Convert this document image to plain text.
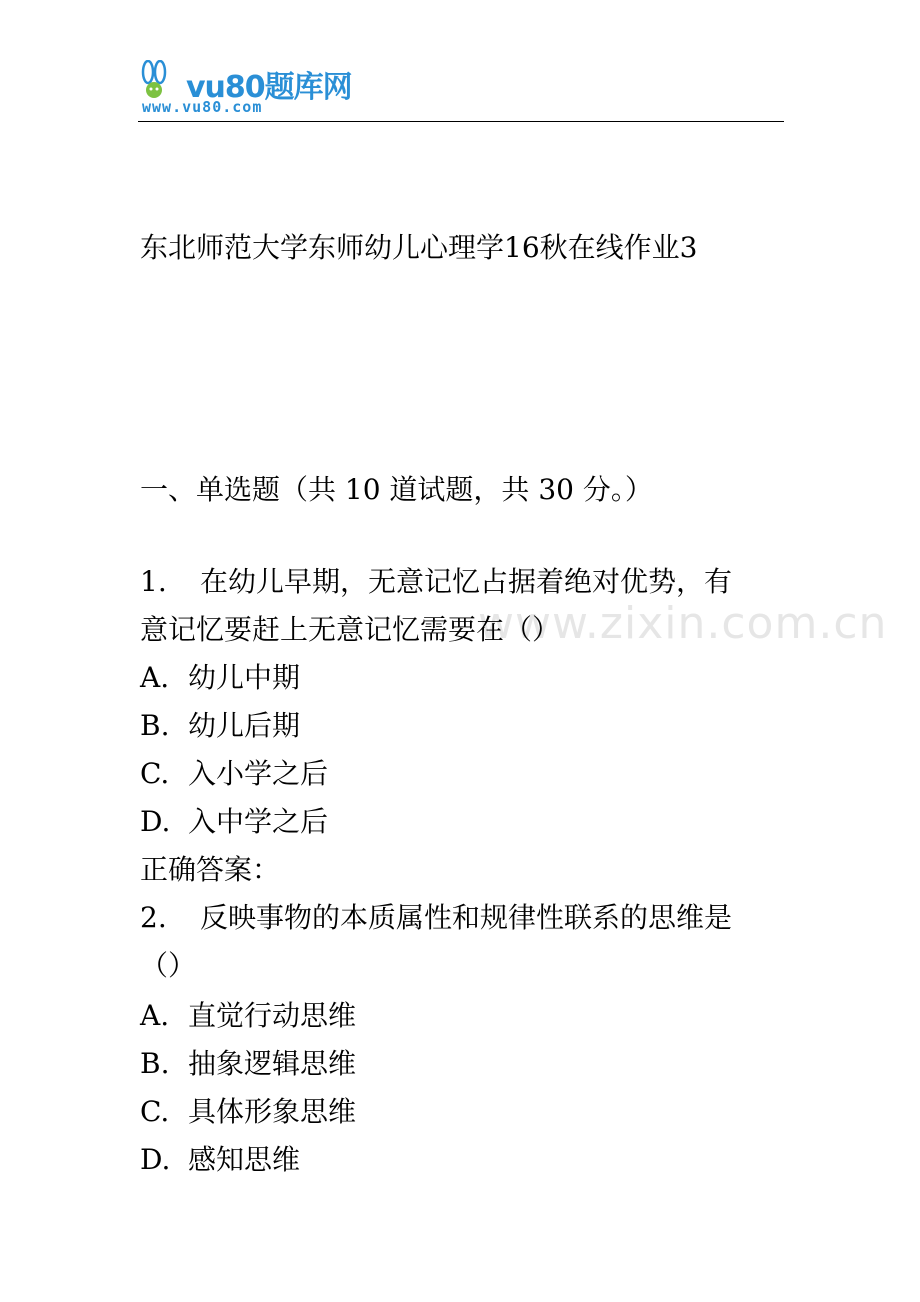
vu80题库网
www.vu80.com
www.zixin.com.cn
东北师范大学东师幼儿心理学16秋在线作业3
一、单选题（共 10 道试题，共 30 分。）
1. 在幼儿早期，无意记忆占据着绝对优势，有
意记忆要赶上无意记忆需要在（）
A. 幼儿中期
B. 幼儿后期
C. 入小学之后
D. 入中学之后
正确答案：
2. 反映事物的本质属性和规律性联系的思维是
（）
A. 直觉行动思维
B. 抽象逻辑思维
C. 具体形象思维
D. 感知思维
